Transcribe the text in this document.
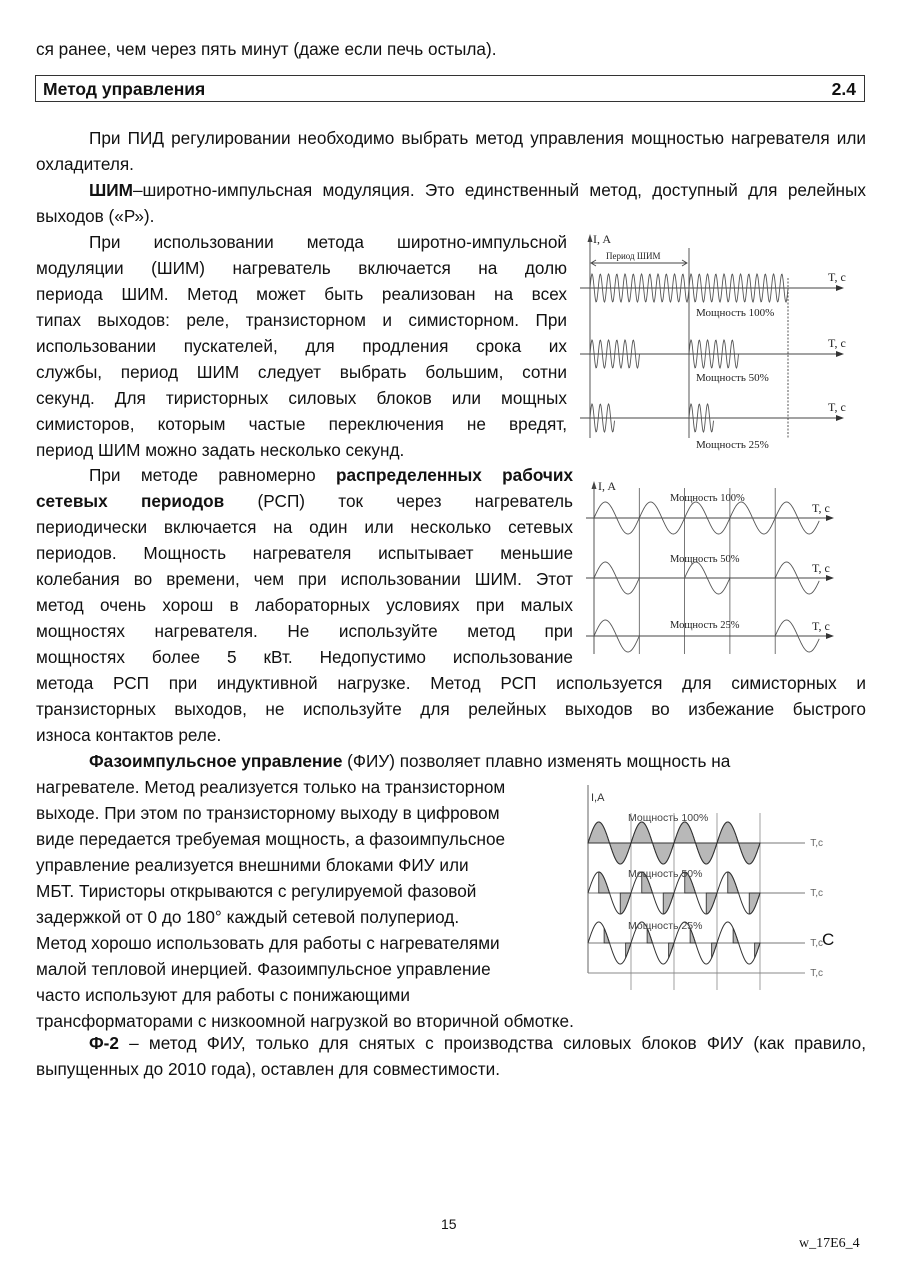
ся ранее, чем через пять минут (даже если печь остыла).
Метод управления	2.4
При ПИД регулировании необходимо выбрать метод управления мощностью нагревателя или охладителя.
ШИМ–широтно-импульсная модуляция. Это единственный метод, доступный для релейных выходов («Р»).
При использовании метода широтно-импульсной
модуляции (ШИМ) нагреватель включается на долю
периода ШИМ. Метод может быть реализован на всех
типах выходов: реле, транзисторном и симисторном. При
использовании пускателей, для продления срока их
службы, период ШИМ следует выбрать большим, сотни
секунд. Для тиристорных силовых блоков или мощных
симисторов, которым частые переключения не вредят,
период ШИМ можно задать несколько секунд.
При методе равномерно распределенных рабочих
сетевых периодов (РСП) ток через нагреватель
периодически включается на один или несколько сетевых
периодов. Мощность нагревателя испытывает меньшие
колебания во времени, чем при использовании ШИМ. Этот
метод очень хорош в лабораторных условиях при малых
мощностях нагревателя. Не используйте метод при
мощностях более 5 кВт. Недопустимо использование
метода РСП при индуктивной нагрузке. Метод РСП используется для симисторных и
транзисторных выходов, не используйте для релейных выходов во избежание быстрого
износа контактов реле.
Фазоимпульсное управление (ФИУ) позволяет плавно изменять мощность на
нагревателе. Метод реализуется только на транзисторном
выходе. При этом по транзисторному выходу в цифровом
виде передается требуемая мощность, а фазоимпульсное
управление реализуется внешними блоками ФИУ или
МБТ. Тиристоры открываются с регулируемой фазовой
задержкой от 0 до 180° каждый сетевой полупериод.
Метод хорошо использовать для работы с нагревателями
малой тепловой инерцией. Фазоимпульсное управление
часто используют для работы с понижающими
трансформаторами с низкоомной нагрузкой во вторичной обмотке.
Ф-2 – метод ФИУ, только для снятых с производства силовых блоков ФИУ (как правило, выпущенных до 2010 года), оставлен для совместимости.
I, A
Период ШИМ
T, c
Мощность 100%
T, c
Мощность 50%
T, c
Мощность 25%
I, A
T, c
Мощность 100%
T, c
Мощность 50%
T, c
Мощность 25%
I,A
T,c
T,c
Мощность 100%
T,c
Мощность 50%
T,c
Мощность 25%
C
15
w_17E6_4
